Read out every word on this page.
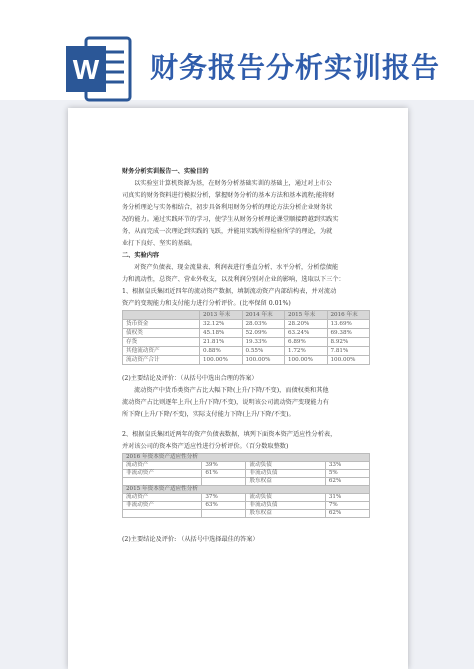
W 财务报告分析实训报告

财务分析实训报告一、实验目的

以实验室计算机资源为基，在财务分析基础实训的基础上，通过对上市公

司真实的财务资料进行模拟分析，掌握财务分析的基本方法和基本流程;能将财

务分析理论与实务相结合，初步具备利用财务分析的理论方法分析企业财务状

况的能力。通过实践环节的学习，使学生从财务分析理论课堂顺接跨越到实践实

务，从而完成一次理论到实践的飞跃，并能用实践所得检验所学的理论，为就

业打下良好、坚实的基础。

二、实验内容

对资产负债表、现金流量表、利润表进行垂直分析、水平分析，分析偿债能

力和流动性，总资产、营业外收支，以及利润分别对企业的影响，选取以下三个：

1、根据皇氏集团近四年的流动资产数据，填制流动资产内部结构表，并对流动

资产的变现能力和支付能力进行分析评价。(比率保留 0.01%)

	2013 年末	2014 年末	2015 年末	2016 年末
货币资金	32.12%	28.03%	28.20%	13.69%
债权类	45.18%	52.09%	63.24%	69.38%
存货	21.81%	19.33%	6.89%	8.92%
其他流动资产	0.88%	0.55%	1.72%	7.81%
流动资产合计	100.00%	100.00%	100.00%	100.00%

(2)主要结论及评价：（从括号中选出合理的答案）

流动资产中货币类资产占比大幅下降(上升/下降/不变)，而债权类和其他

流动资产占比则逐年上升(上升/下降/不变)，说明该公司流动资产变现能力有

所下降(上升/下降/不变)，实际支付能力下降(上升/下降/不变)。

2、根据皇氏集团近两年的资产负债表数据，填列下面资本资产适应性分析表，

并对该公司的资本资产适应性进行分析评价。（百分数取整数)

2016 年资本资产适应性分析			
流动资产	39%	流动负债	33%
非流动资产	61%	非流动负债	5%
		股东权益	62%
2015 年资本资产适应性分析			
流动资产	37%	流动负债	31%
非流动资产	63%	非流动负债	7%
		股东权益	62%

(2)主要结论及评价: （从括号中选择最佳的答案）
